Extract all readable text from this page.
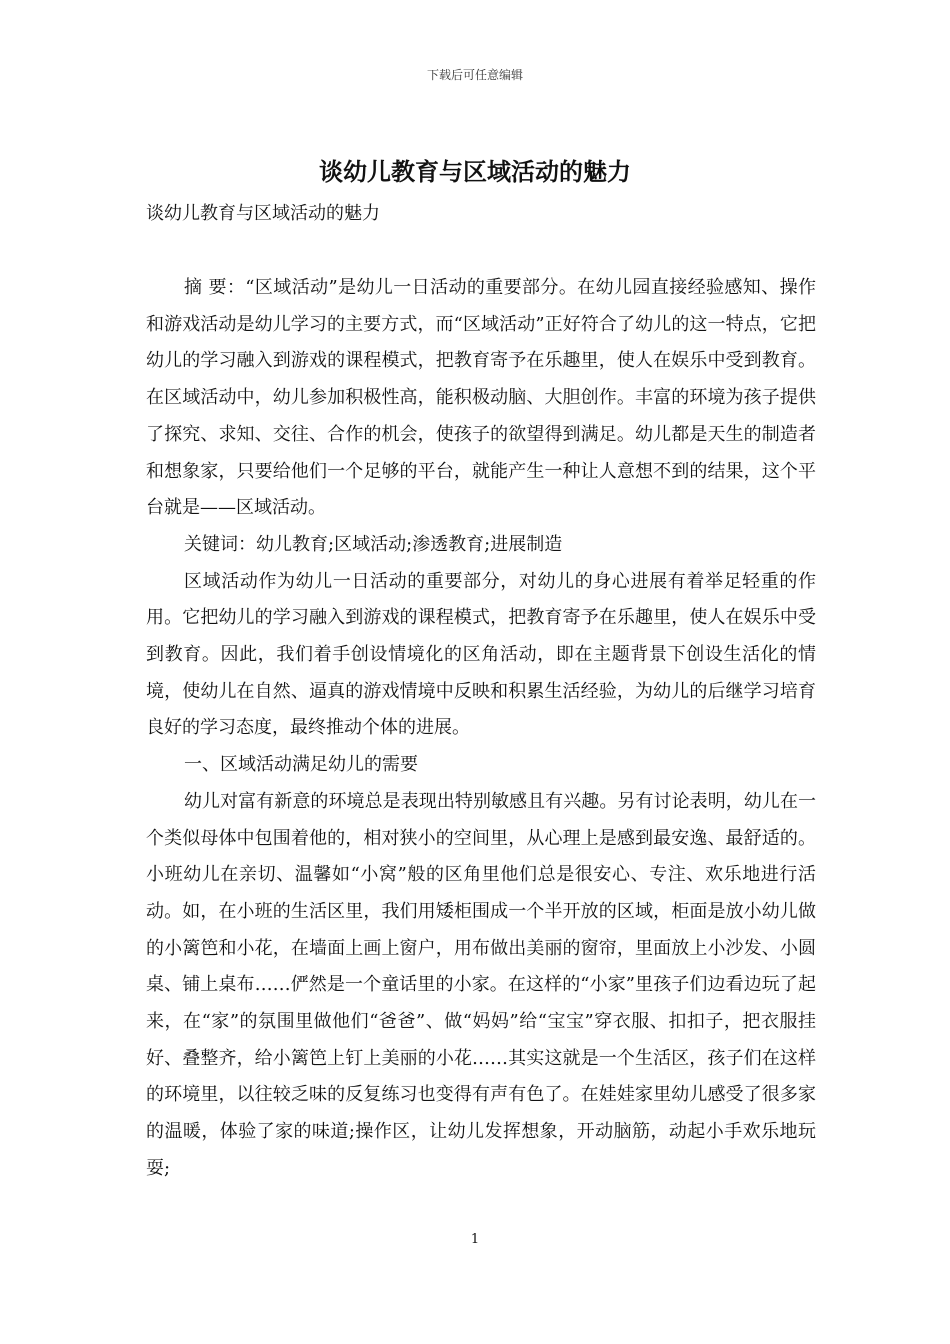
下载后可任意编辑
谈幼儿教育与区域活动的魅力

谈幼儿教育与区域活动的魅力

摘 要：“区域活动”是幼儿一日活动的重要部分。在幼儿园直接经验感知、操作和游戏活动是幼儿学习的主要方式，而“区域活动”正好符合了幼儿的这一特点，它把幼儿的学习融入到游戏的课程模式，把教育寄予在乐趣里，使人在娱乐中受到教育。在区域活动中，幼儿参加积极性高，能积极动脑、大胆创作。丰富的环境为孩子提供了探究、求知、交往、合作的机会，使孩子的欲望得到满足。幼儿都是天生的制造者和想象家，只要给他们一个足够的平台，就能产生一种让人意想不到的结果，这个平台就是——区域活动。

关键词：幼儿教育;区域活动;渗透教育;进展制造

区域活动作为幼儿一日活动的重要部分，对幼儿的身心进展有着举足轻重的作用。它把幼儿的学习融入到游戏的课程模式，把教育寄予在乐趣里，使人在娱乐中受到教育。因此，我们着手创设情境化的区角活动，即在主题背景下创设生活化的情境，使幼儿在自然、逼真的游戏情境中反映和积累生活经验，为幼儿的后继学习培育良好的学习态度，最终推动个体的进展。

一、区域活动满足幼儿的需要

幼儿对富有新意的环境总是表现出特别敏感且有兴趣。另有讨论表明，幼儿在一个类似母体中包围着他的，相对狭小的空间里，从心理上是感到最安逸、最舒适的。小班幼儿在亲切、温馨如“小窝”般的区角里他们总是很安心、专注、欢乐地进行活动。如，在小班的生活区里，我们用矮柜围成一个半开放的区域，柜面是放小幼儿做的小篱笆和小花，在墙面上画上窗户，用布做出美丽的窗帘，里面放上小沙发、小圆桌、铺上桌布……俨然是一个童话里的小家。在这样的“小家”里孩子们边看边玩了起来，在“家”的氛围里做他们“爸爸”、做“妈妈”给“宝宝”穿衣服、扣扣子，把衣服挂好、叠整齐，给小篱笆上钉上美丽的小花……其实这就是一个生活区，孩子们在这样的环境里，以往较乏味的反复练习也变得有声有色了。在娃娃家里幼儿感受了很多家的温暖，体验了家的味道;操作区，让幼儿发挥想象，开动脑筋，动起小手欢乐地玩耍;

1
